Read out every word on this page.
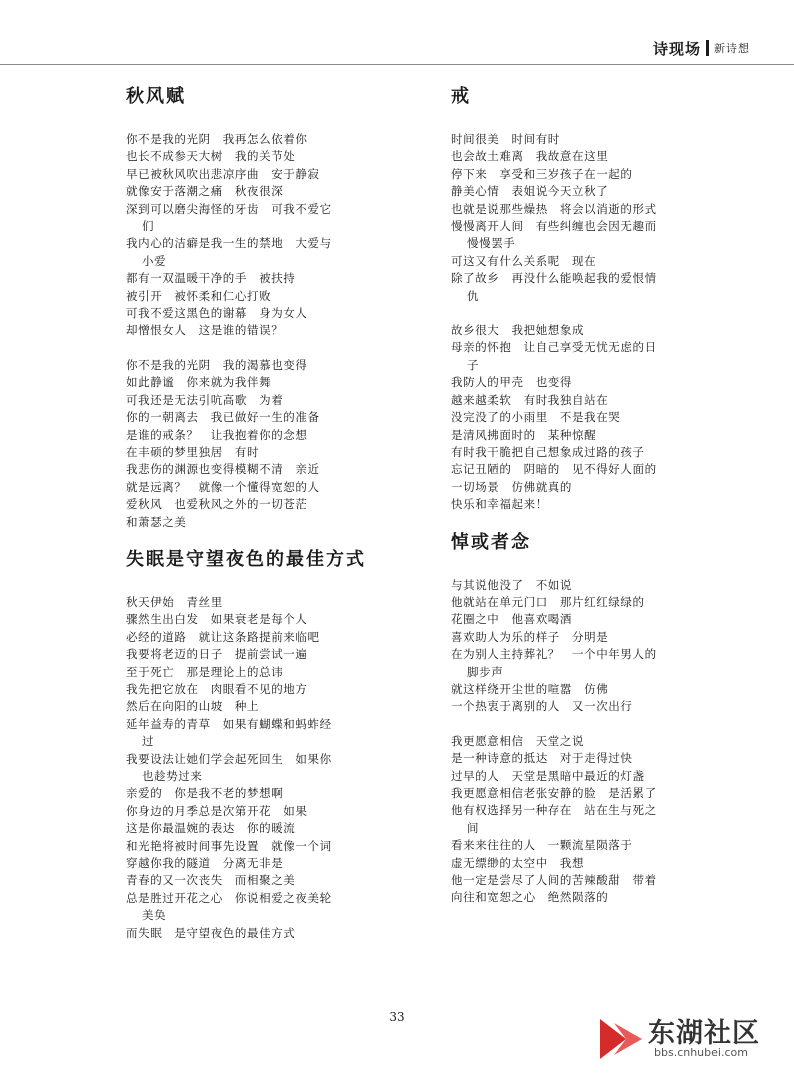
诗现场 新诗想
秋风赋
你不是我的光阴　我再怎么依着你
也长不成参天大树　我的关节处
早已被秋风吹出悲凉序曲　安于静寂
就像安于落潮之痛　秋夜很深
深到可以磨尖海怪的牙齿　可我不爱它
们
我内心的洁癖是我一生的禁地　大爱与
小爱
都有一双温暖干净的手　被扶持
被引开　被怀柔和仁心打败
可我不爱这黑色的谢幕　身为女人
却憎恨女人　这是谁的错误？
你不是我的光阴　我的渴慕也变得
如此静谧　你来就为我伴舞
可我还是无法引吭高歌　为着
你的一朝离去　我已做好一生的准备
是谁的戒条？　让我抱着你的念想
在丰硕的梦里独居　有时
我悲伤的渊源也变得模糊不清　亲近
就是远离？　就像一个懂得宽恕的人
爱秋风　也爱秋风之外的一切苍茫
和萧瑟之美
失眠是守望夜色的最佳方式
秋天伊始　青丝里
骤然生出白发　如果衰老是每个人
必经的道路　就让这条路提前来临吧
我要将老迈的日子　提前尝试一遍
至于死亡　那是理论上的总讳
我先把它放在　肉眼看不见的地方
然后在向阳的山坡　种上
延年益寿的青草　如果有蝴蝶和蚂蚱经
过
我要设法让她们学会起死回生　如果你
也趁势过来
亲爱的　你是我不老的梦想啊
你身边的月季总是次第开花　如果
这是你最温婉的表达　你的暖流
和光艳将被时间事先设置　就像一个词
穿越你我的隧道　分离无非是
青春的又一次丧失　而相聚之美
总是胜过开花之心　你说相爱之夜美轮
美奂
而失眠　是守望夜色的最佳方式
戒
时间很美　时间有时
也会故土难离　我故意在这里
停下来　享受和三岁孩子在一起的
静美心情　表姐说今天立秋了
也就是说那些燥热　将会以消逝的形式
慢慢离开人间　有些纠缠也会因无趣而
慢慢罢手
可这又有什么关系呢　现在
除了故乡　再没什么能唤起我的爱恨情
仇
故乡很大　我把她想象成
母亲的怀抱　让自己享受无忧无虑的日
子
我防人的甲壳　也变得
越来越柔软　有时我独自站在
没完没了的小雨里　不是我在哭
是清风拂面时的　某种惊醒
有时我干脆把自己想象成过路的孩子
忘记丑陋的　阴暗的　见不得好人面的
一切场景　仿佛就真的
快乐和幸福起来！
悼或者念
与其说他没了　不如说
他就站在单元门口　那片红红绿绿的
花圈之中　他喜欢喝酒
喜欢助人为乐的样子　分明是
在为别人主持葬礼？　一个中年男人的
脚步声
就这样绕开尘世的喧嚣　仿佛
一个热衷于离别的人　又一次出行
我更愿意相信　天堂之说
是一种诗意的抵达　对于走得过快
过早的人　天堂是黑暗中最近的灯盏
我更愿意相信老张安静的脸　是活累了
他有权选择另一种存在　站在生与死之
间
看来来往往的人　一颗流星陨落于
虚无缥缈的太空中　我想
他一定是尝尽了人间的苦辣酸甜　带着
向往和宽恕之心　绝然陨落的
33
东湖社区
bbs.cnhubei.com
